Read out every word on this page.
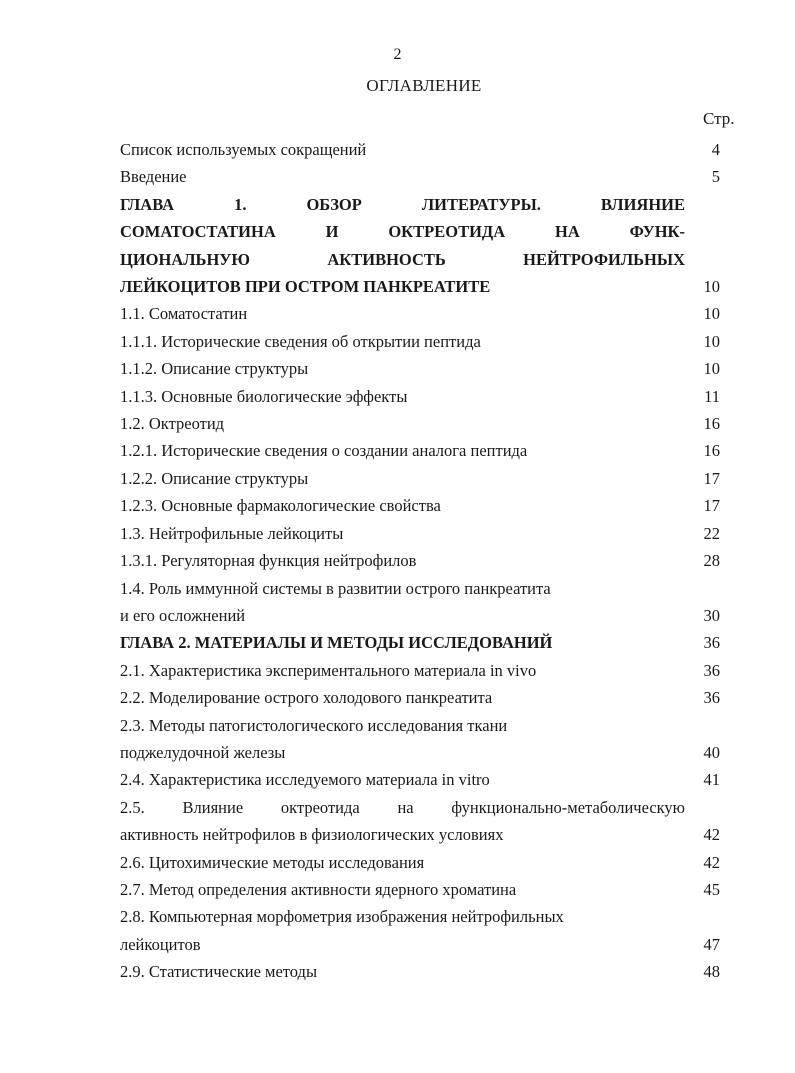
2
ОГЛАВЛЕНИЕ
Стр.
Список используемых сокращений	4
Введение	5
ГЛАВА 1. ОБЗОР ЛИТЕРАТУРЫ. ВЛИЯНИЕ
СОМАТОСТАТИНА И ОКТРЕОТИДА НА ФУНК-
ЦИОНАЛЬНУЮ АКТИВНОСТЬ НЕЙТРОФИЛЬНЫХ
ЛЕЙКОЦИТОВ ПРИ ОСТРОМ ПАНКРЕАТИТЕ	10
1.1. Соматостатин	10
1.1.1. Исторические сведения об открытии пептида	10
1.1.2. Описание структуры	10
1.1.3. Основные биологические эффекты	11
1.2. Октреотид	16
1.2.1. Исторические сведения о создании аналога пептида	16
1.2.2. Описание структуры	17
1.2.3. Основные фармакологические свойства	17
1.3. Нейтрофильные лейкоциты	22
1.3.1. Регуляторная функция нейтрофилов	28
1.4. Роль иммунной системы в развитии острого панкреатита
и его осложнений	30
ГЛАВА 2. МАТЕРИАЛЫ И МЕТОДЫ ИССЛЕДОВАНИЙ	36
2.1. Характеристика экспериментального материала in vivo	36
2.2. Моделирование острого холодового панкреатита	36
2.3. Методы патогистологического исследования ткани
поджелудочной железы	40
2.4. Характеристика исследуемого материала in vitro	41
2.5. Влияние октреотида на функционально-метаболическую
активность нейтрофилов в физиологических условиях	42
2.6. Цитохимические методы исследования	42
2.7. Метод определения активности ядерного хроматина	45
2.8. Компьютерная морфометрия изображения нейтрофильных
лейкоцитов	47
2.9. Статистические методы	48
